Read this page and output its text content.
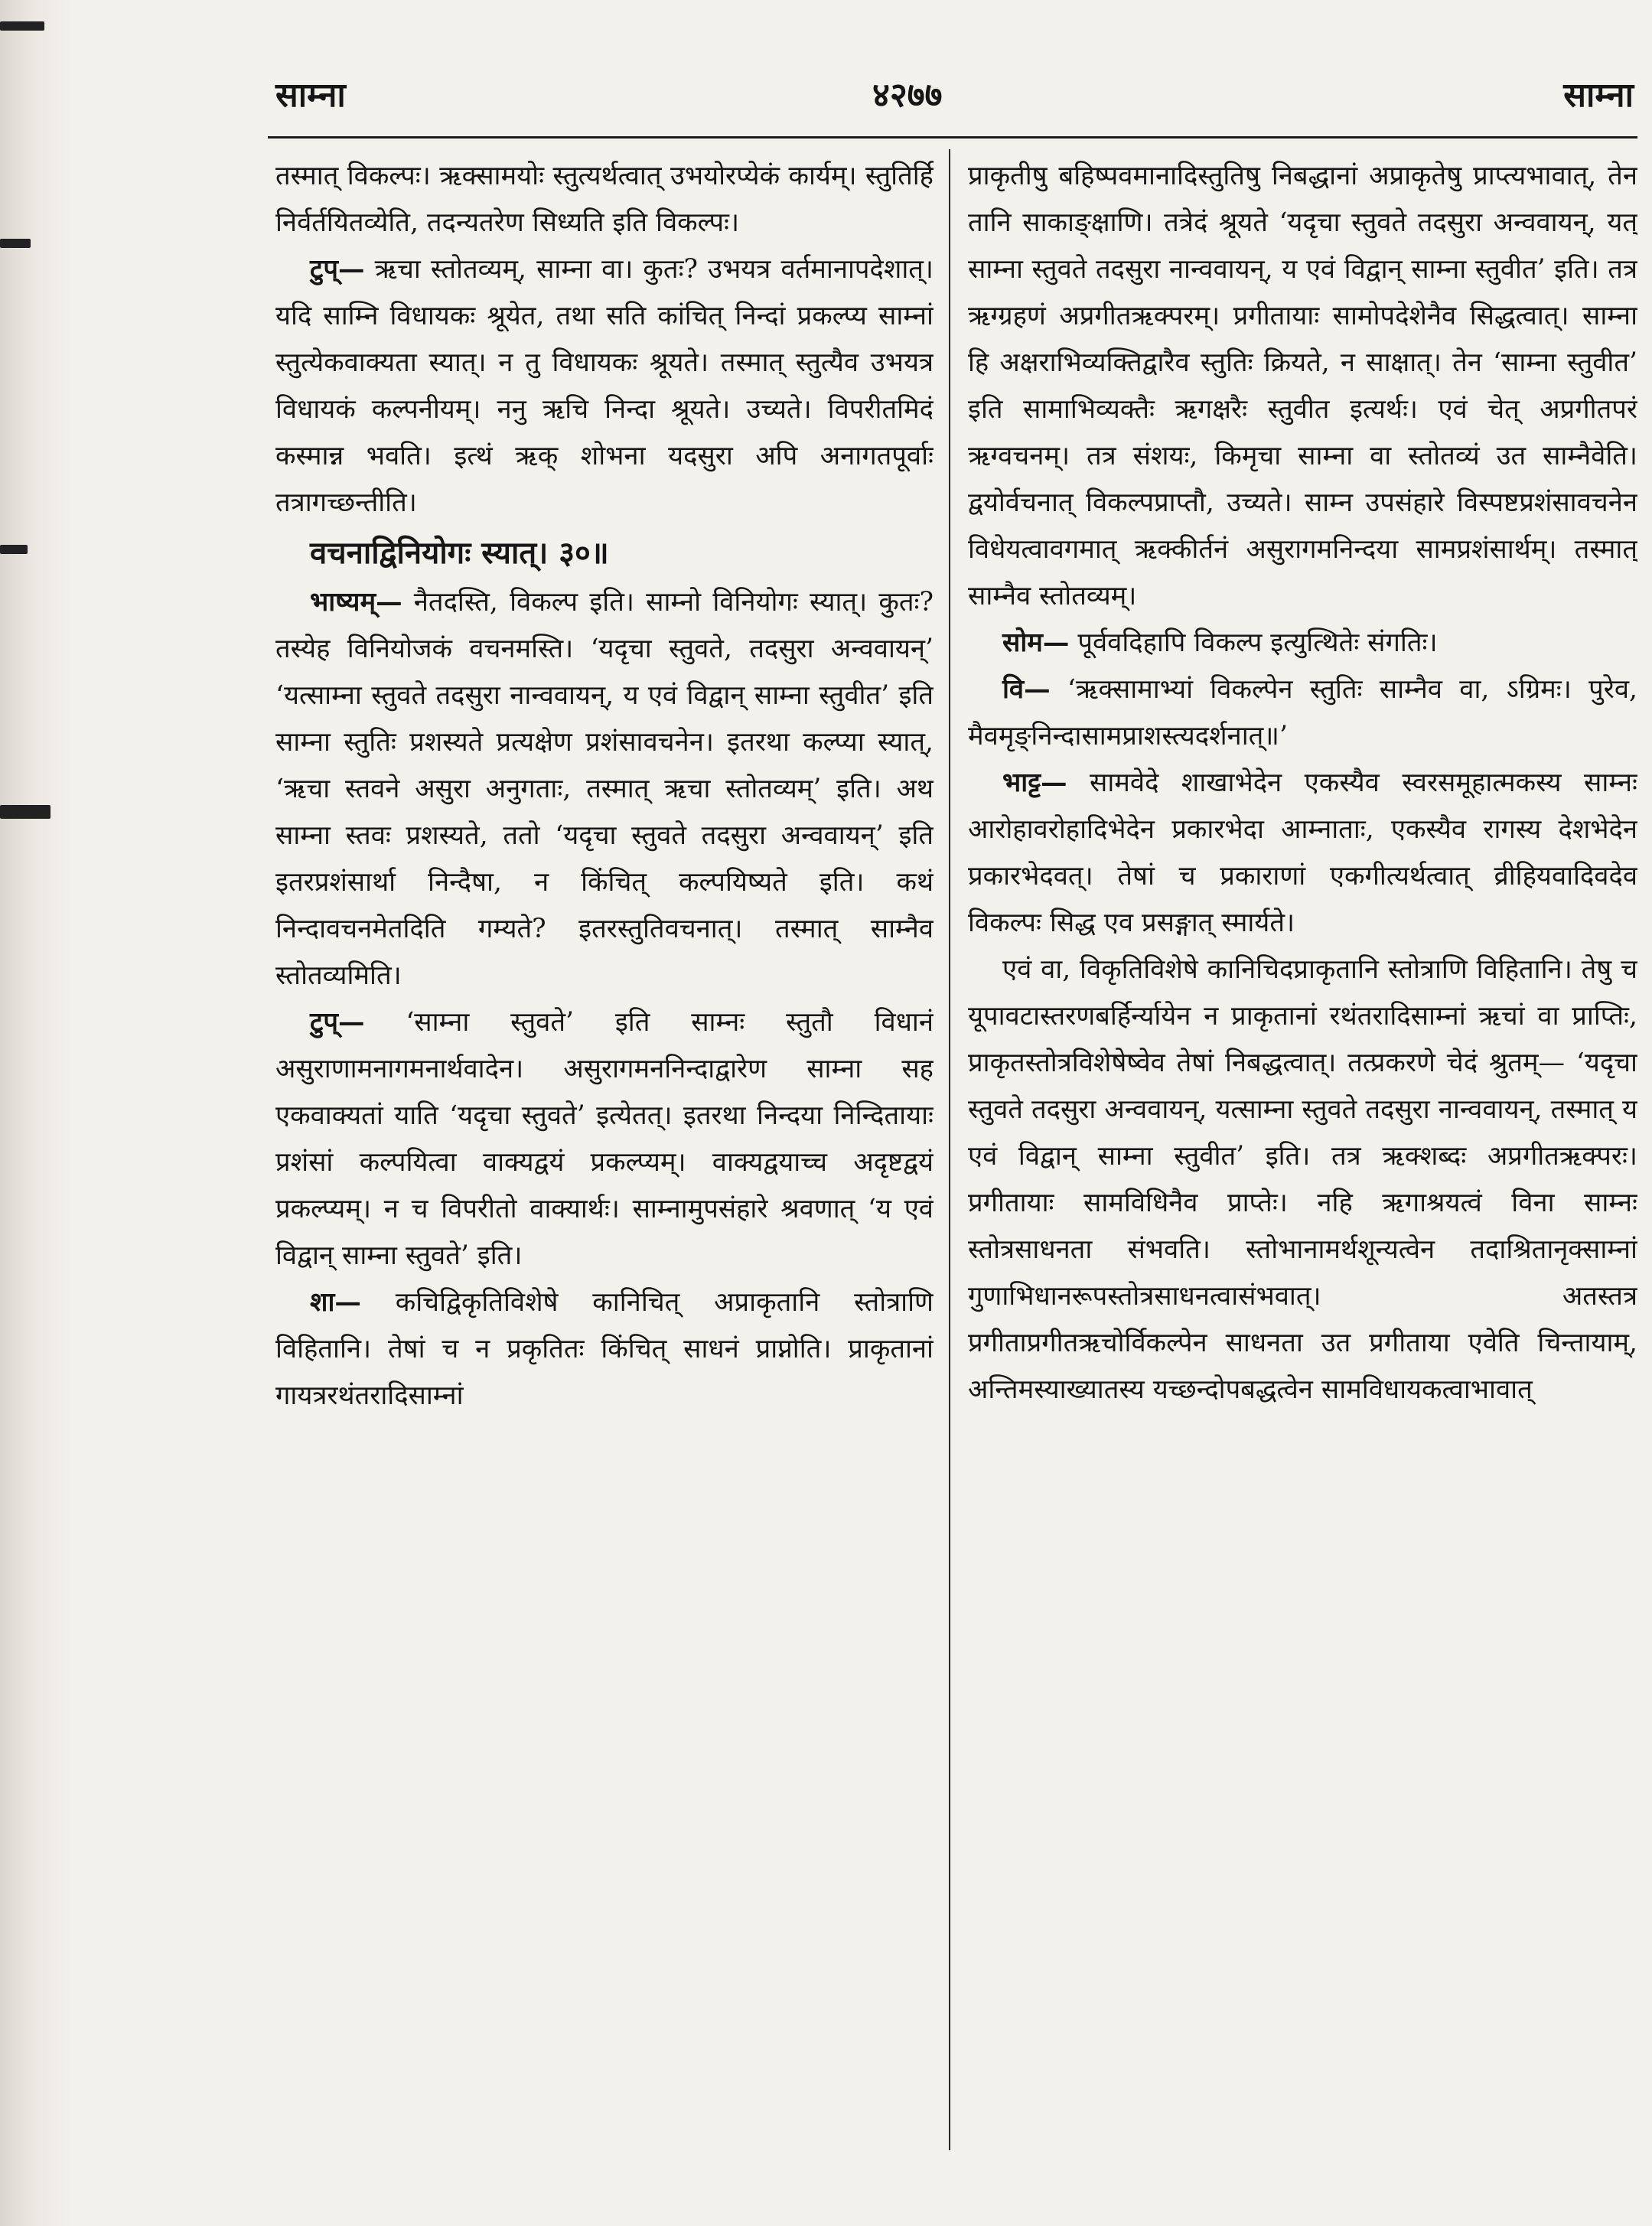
साम्ना	४२७७	साम्ना

तस्मात् विकल्पः। ऋक्सामयोः स्तुत्यर्थत्वात् उभयोरप्येकं कार्यम्। स्तुतिर्हि निर्वर्तयितव्येति, तदन्यतरेण सिध्यति इति विकल्पः।

टुप्— ऋचा स्तोतव्यम्, साम्ना वा। कुतः? उभयत्र वर्तमानापदेशात्। यदि साम्नि विधायकः श्रूयेत, तथा सति कांचित् निन्दां प्रकल्प्य साम्नां स्तुत्येकवाक्यता स्यात्। न तु विधायकः श्रूयते। तस्मात् स्तुत्यैव उभयत्र विधायकं कल्पनीयम्। ननु ऋचि निन्दा श्रूयते। उच्यते। विपरीतमिदं कस्मान्न भवति। इत्थं ऋक् शोभना यदसुरा अपि अनागतपूर्वाः तत्रागच्छन्तीति।

वचनाद्विनियोगः स्यात्। ३०॥

भाष्यम्— नैतदस्ति, विकल्प इति। साम्नो विनियोगः स्यात्। कुतः? तस्येह विनियोजकं वचनमस्ति। ‘यदृचा स्तुवते, तदसुरा अन्ववायन्’ ‘यत्साम्ना स्तुवते तदसुरा नान्ववायन्, य एवं विद्वान् साम्ना स्तुवीत’ इति साम्ना स्तुतिः प्रशस्यते प्रत्यक्षेण प्रशंसावचनेन। इतरथा कल्प्या स्यात्, ‘ऋचा स्तवने असुरा अनुगताः, तस्मात् ऋचा स्तोतव्यम्’ इति। अथ साम्ना स्तवः प्रशस्यते, ततो ‘यदृचा स्तुवते तदसुरा अन्ववायन्’ इति इतरप्रशंसार्था निन्दैषा, न किंचित् कल्पयिष्यते इति। कथं निन्दावचनमेतदिति गम्यते? इतरस्तुतिवचनात्। तस्मात् साम्नैव स्तोतव्यमिति।

टुप्— ‘साम्ना स्तुवते’ इति साम्नः स्तुतौ विधानं असुराणामनागमनार्थवादेन। असुरागमननिन्दाद्वारेण साम्ना सह एकवाक्यतां याति ‘यदृचा स्तुवते’ इत्येतत्। इतरथा निन्दया निन्दितायाः प्रशंसां कल्पयित्वा वाक्यद्वयं प्रकल्प्यम्। वाक्यद्वयाच्च अदृष्टद्वयं प्रकल्प्यम्। न च विपरीतो वाक्यार्थः। साम्नामुपसंहारे श्रवणात् ‘य एवं विद्वान् साम्ना स्तुवते’ इति।

शा— कचिद्विकृतिविशेषे कानिचित् अप्राकृतानि स्तोत्राणि विहितानि। तेषां च न प्रकृतितः किंचित् साधनं प्राप्नोति। प्राकृतानां गायत्ररथंतरादिसाम्नां

प्राकृतीषु बहिष्पवमानादिस्तुतिषु निबद्धानां अप्राकृतेषु प्राप्त्यभावात्, तेन तानि साकाङ्क्षाणि। तत्रेदं श्रूयते ‘यदृचा स्तुवते तदसुरा अन्ववायन्, यत् साम्ना स्तुवते तदसुरा नान्ववायन्, य एवं विद्वान् साम्ना स्तुवीत’ इति। तत्र ऋग्ग्रहणं अप्रगीतऋक्परम्। प्रगीतायाः सामोपदेशेनैव सिद्धत्वात्। साम्ना हि अक्षराभिव्यक्तिद्वारैव स्तुतिः क्रियते, न साक्षात्। तेन ‘साम्ना स्तुवीत’ इति सामाभिव्यक्तैः ऋगक्षरैः स्तुवीत इत्यर्थः। एवं चेत् अप्रगीतपरं ऋग्वचनम्। तत्र संशयः, किमृचा साम्ना वा स्तोतव्यं उत साम्नैवेति। द्वयोर्वचनात् विकल्पप्राप्तौ, उच्यते। साम्न उपसंहारे विस्पष्टप्रशंसावचनेन विधेयत्वावगमात् ऋक्कीर्तनं असुरागमनिन्दया सामप्रशंसार्थम्। तस्मात् साम्नैव स्तोतव्यम्।

सोम— पूर्ववदिहापि विकल्प इत्युत्थितेः संगतिः।

वि— ‘ऋक्सामाभ्यां विकल्पेन स्तुतिः साम्नैव वा, ऽग्रिमः। पुरेव, मैवमृङ्निन्दासामप्राशस्त्यदर्शनात्॥’

भाट्ट— सामवेदे शाखाभेदेन एकस्यैव स्वरसमूहात्मकस्य साम्नः आरोहावरोहादिभेदेन प्रकारभेदा आम्नाताः, एकस्यैव रागस्य देशभेदेन प्रकारभेदवत्। तेषां च प्रकाराणां एकगीत्यर्थत्वात् व्रीहियवादिवदेव विकल्पः सिद्ध एव प्रसङ्गात् स्मार्यते।

एवं वा, विकृतिविशेषे कानिचिदप्राकृतानि स्तोत्राणि विहितानि। तेषु च यूपावटास्तरणबर्हिर्न्यायेन न प्राकृतानां रथंतरादिसाम्नां ऋचां वा प्राप्तिः, प्राकृतस्तोत्रविशेषेष्वेव तेषां निबद्धत्वात्। तत्प्रकरणे चेदं श्रुतम्— ‘यदृचा स्तुवते तदसुरा अन्ववायन्, यत्साम्ना स्तुवते तदसुरा नान्ववायन्, तस्मात् य एवं विद्वान् साम्ना स्तुवीत’ इति। तत्र ऋक्शब्दः अप्रगीतऋक्परः। प्रगीतायाः सामविधिनैव प्राप्तेः। नहि ऋगाश्रयत्वं विना साम्नः स्तोत्रसाधनता संभवति। स्तोभानामर्थशून्यत्वेन तदाश्रितानृक्साम्नां गुणाभिधानरूपस्तोत्रसाधनत्वासंभवात्। अतस्तत्र प्रगीताप्रगीतऋचोर्विकल्पेन साधनता उत प्रगीताया एवेति चिन्तायाम्, अन्तिमस्याख्यातस्य यच्छन्दोपबद्धत्वेन सामविधायकत्वाभावात्
